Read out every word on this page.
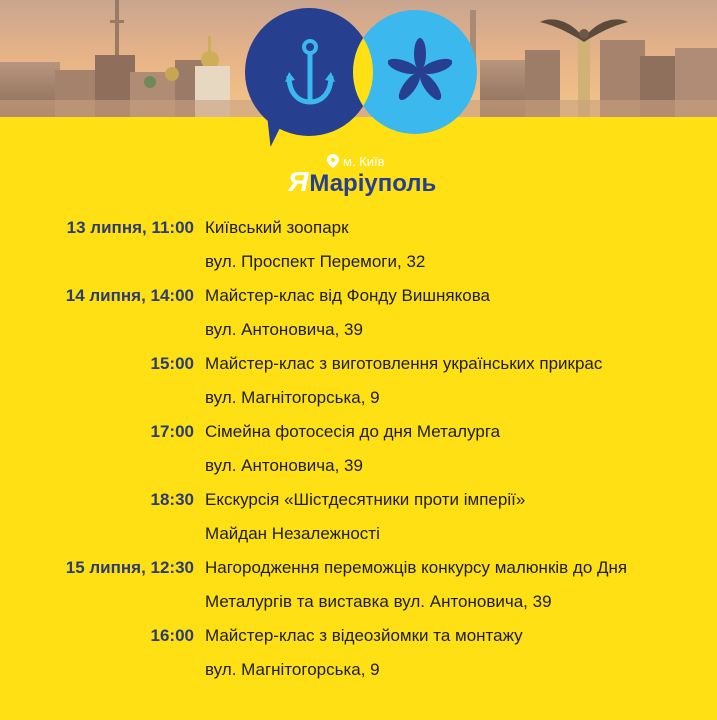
м. Київ
Я Маріуполь
13 липня, 11:00 Київський зоопарк
вул. Проспект Перемоги, 32
14 липня, 14:00 Майстер-клас від Фонду Вишнякова
вул. Антоновича, 39
15:00 Майстер-клас з виготовлення українських прикрас
вул. Магнітогорська, 9
17:00 Сімейна фотосесія до дня Металурга
вул. Антоновича, 39
18:30 Екскурсія «Шістдесятники проти імперії»
Майдан Незалежності
15 липня, 12:30 Нагородження переможців конкурсу малюнків до Дня
Металургів та виставка вул. Антоновича, 39
16:00 Майстер-клас з відеозйомки та монтажу
вул. Магнітогорська, 9
